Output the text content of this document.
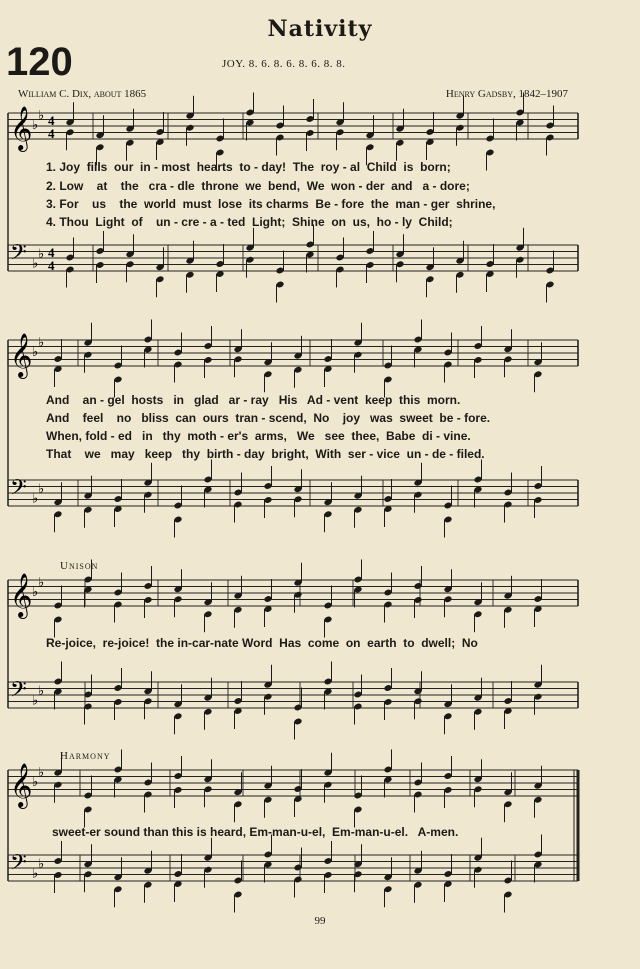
Nativity
120	JOY. 8. 6. 8. 6. 8. 6. 8. 8.
William C. Dix, about 1865	Henry Gadsby, 1842–1907
𝄞 ♭
♭ 4
4
𝄢 ♭
♭ 4
4
𝄞 ♭
♭
𝄢 ♭
♭
𝄞 ♭
♭
𝄢 ♭
♭
𝄞 ♭
♭
𝄢 ♭
♭
1. Joy  fills  our  in - most  hearts  to - day!  The  roy - al  Child  is  born;
2. Low    at    the   cra - dle  throne  we  bend,  We  won - der  and   a - dore;
3. For    us    the  world  must  lose  its charms  Be - fore  the  man - ger  shrine,
4. Thou  Light  of    un - cre - a - ted  Light;  Shine  on  us,  ho - ly  Child;
And    an - gel  hosts   in   glad   ar - ray   His   Ad - vent  keep  this  morn.
And    feel    no   bliss  can  ours  tran - scend,  No    joy   was  sweet  be - fore.
When, fold - ed   in   thy  moth - er's  arms,   We   see  thee,  Babe  di - vine.
That    we   may   keep   thy  birth - day  bright,  With  ser - vice  un - de - filed.
Unison
Re-joice,  re-joice!  the in-car-nate Word  Has  come  on  earth  to  dwell;  No
Harmony
sweet-er sound than this is heard, Em-man-u-el,  Em-man-u-el.   A-men.
99
